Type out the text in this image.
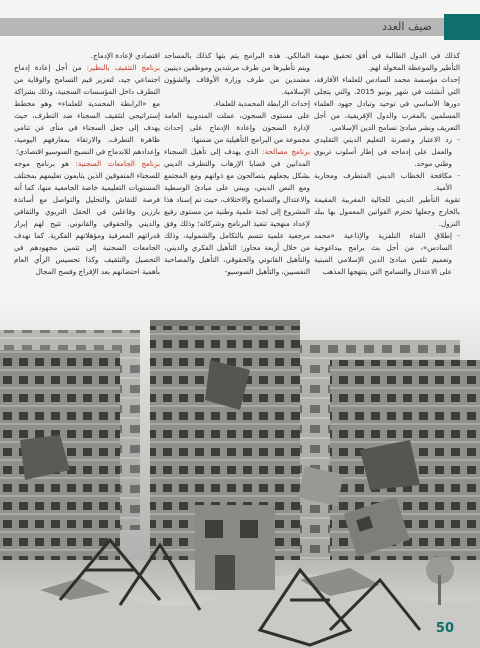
ضيف العدد

كذلك في الدول الطالبة في أفق تحقيق مهمة التأطير والموعظة المخولة لهم.

إحداث مؤسسة محمد السادس للعلماء الأفارقة، التي أنشئت في شهر يونيو 2015، والتي يتجلى دورها الأساسي في توحيد وتبادل جهود العلماء المسلمين بالمغرب والدول الإفريقية، من أجل التعريف ونشر مبادئ تسامح الدين الإسلامي.

- رد الاعتبار وعصرنة التعليم الديني التقليدي والعمل على إدماجه في إطار أسلوب تربوي وطني موحد.

- مكافحة الخطاب الديني المتطرف ومحاربة الأمية.

تقوية التأطير الديني للجالية المغربية المقيمة بالخارج وجعلها تحترم القوانين المعمول بها ببلد النزول.

- إطلاق القناة التلفزية والإذاعية «محمد السادس»، من أجل بث برامج بيداغوجية وتعميم تلقين مبادئ الدين الإسلامي المبنية على الاعتدال والتسامح التي ينتهجها المذهب

المالكي. هذه البرامج يتم بثها كذلك بالمساجد ويتم تأطيرها من طرف مرشدين وموظفين دينيين معتمدين من طرف وزارة الأوقاف والشؤون الإسلامية.

إحداث الرابطة المحمدية للعلماء.

على مستوى السجون، عملت المندوبية العامة لإدارة السجون وإعادة الإدماج على إحداث مجموعة من البرامج التأهيلية من ضمنها:

برنامج مصالحة: الذي يهدف إلى تأهيل السجناء المدانين في قضايا الإرهاب والتطرف الديني بشكل يجعلهم يتصالحون مع ذواتهم ومع المجتمع ومع النص الديني، ويبني على مبادئ الوسطية والاعتدال والتسامح والاختلاف، حيث تم إسناد هذا المشروع إلى لجنة علمية وطنية من مستوى رفيع لإعداد منهجية تنفيذ البرنامج وشركائه؛ وذلك وفق مرجعية علمية تتسم بالتكامل والشمولية، وذلك من خلال أربعة محاور: التأهيل الفكري والديني، والتأهيل القانوني والحقوقي، التأهيل والمصاحبة النفسيين، والتأهيل السوسيو-

اقتصادي لإعادة الإدماج.

برنامج التثقيف بالنظير: من أجل إعادة إدماج اجتماعي جيد، لتعزيز قيم التسامح والوقاية من التطرف داخل المؤسسات السجنية، وذلك بشراكة مع «الرابطة المحمدية للعلماء» وهو مخطط إستراتيجي لتثقيف السجناء ضد التطرف، حيث يهدف إلى جعل السجناء في منأى عن تنامي ظاهرة التطرف، والارتقاء بمعارفهم اليومية، وإعدادهم للاندماج في النسيج السوسيو اقتصادي؛

برنامج الجامعات السجنية: هو برنامج موجه للسجناء المتفوقين الذين يتابعون تعليمهم بمختلف المستويات التعليمية خاصة الجامعية منها، كما أنه فرصة للنقاش والتحليل والتواصل مع أساتذة بارزين وفاعلين في الحقل التربوي والثقافي والديني والحقوقي والقانوني. تتيح لهم إبراز قدراتهم المعرفية ومؤهلاتهم الفكرية. كما تهدف الجامعات السجنية إلى تثمين مجهودهم في التحصيل والتثقيف وكذا تحسيس الرأي العام بأهمية احتضانهم بعد الإفراج وفسح المجال

50
